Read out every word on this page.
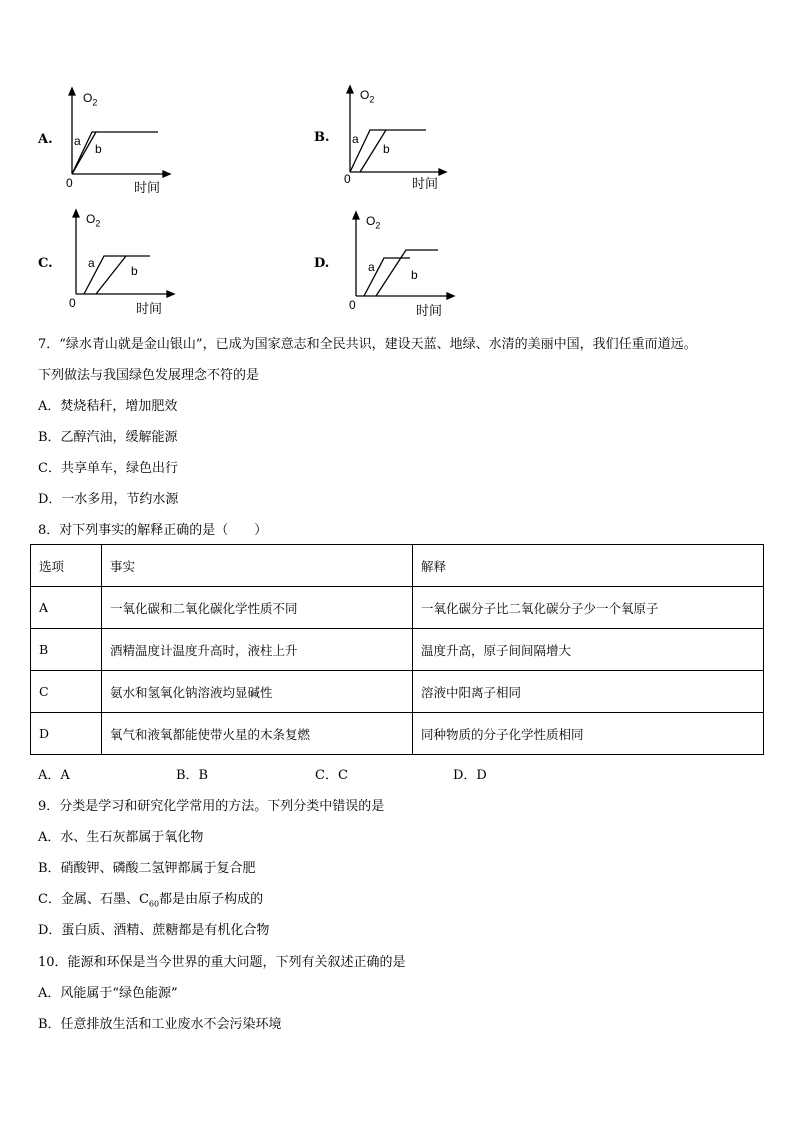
A.
$O_2$
a
b
0	时间
B.
$O_2$
a
b
0	时间
C.
$O_2$
a
b
0	时间
D.
$O_2$
a
b
0	时间
7．“绿水青山就是金山银山”，已成为国家意志和全民共识，建设天蓝、地绿、水清的美丽中国，我们任重而道远。
下列做法与我国绿色发展理念不符的是
A．焚烧秸秆，增加肥效
B．乙醇汽油，缓解能源
C．共享单车，绿色出行
D．一水多用，节约水源
8．对下列事实的解释正确的是（　　）
选项	事实	解释
A	一氧化碳和二氧化碳化学性质不同	一氧化碳分子比二氧化碳分子少一个氧原子
B	酒精温度计温度升高时，液柱上升	温度升高，原子间间隔增大
C	氨水和氢氧化钠溶液均显碱性	溶液中阳离子相同
D	氧气和液氧都能使带火星的木条复燃	同种物质的分子化学性质相同
A．A	B．B	C．C	D．D
9．分类是学习和研究化学常用的方法。下列分类中错误的是
A．水、生石灰都属于氧化物
B．硝酸钾、磷酸二氢钾都属于复合肥
C．金属、石墨、$C_{60}$都是由原子构成的
D．蛋白质、酒精、蔗糖都是有机化合物
10．能源和环保是当今世界的重大问题，下列有关叙述正确的是
A．风能属于“绿色能源”
B．任意排放生活和工业废水不会污染环境
